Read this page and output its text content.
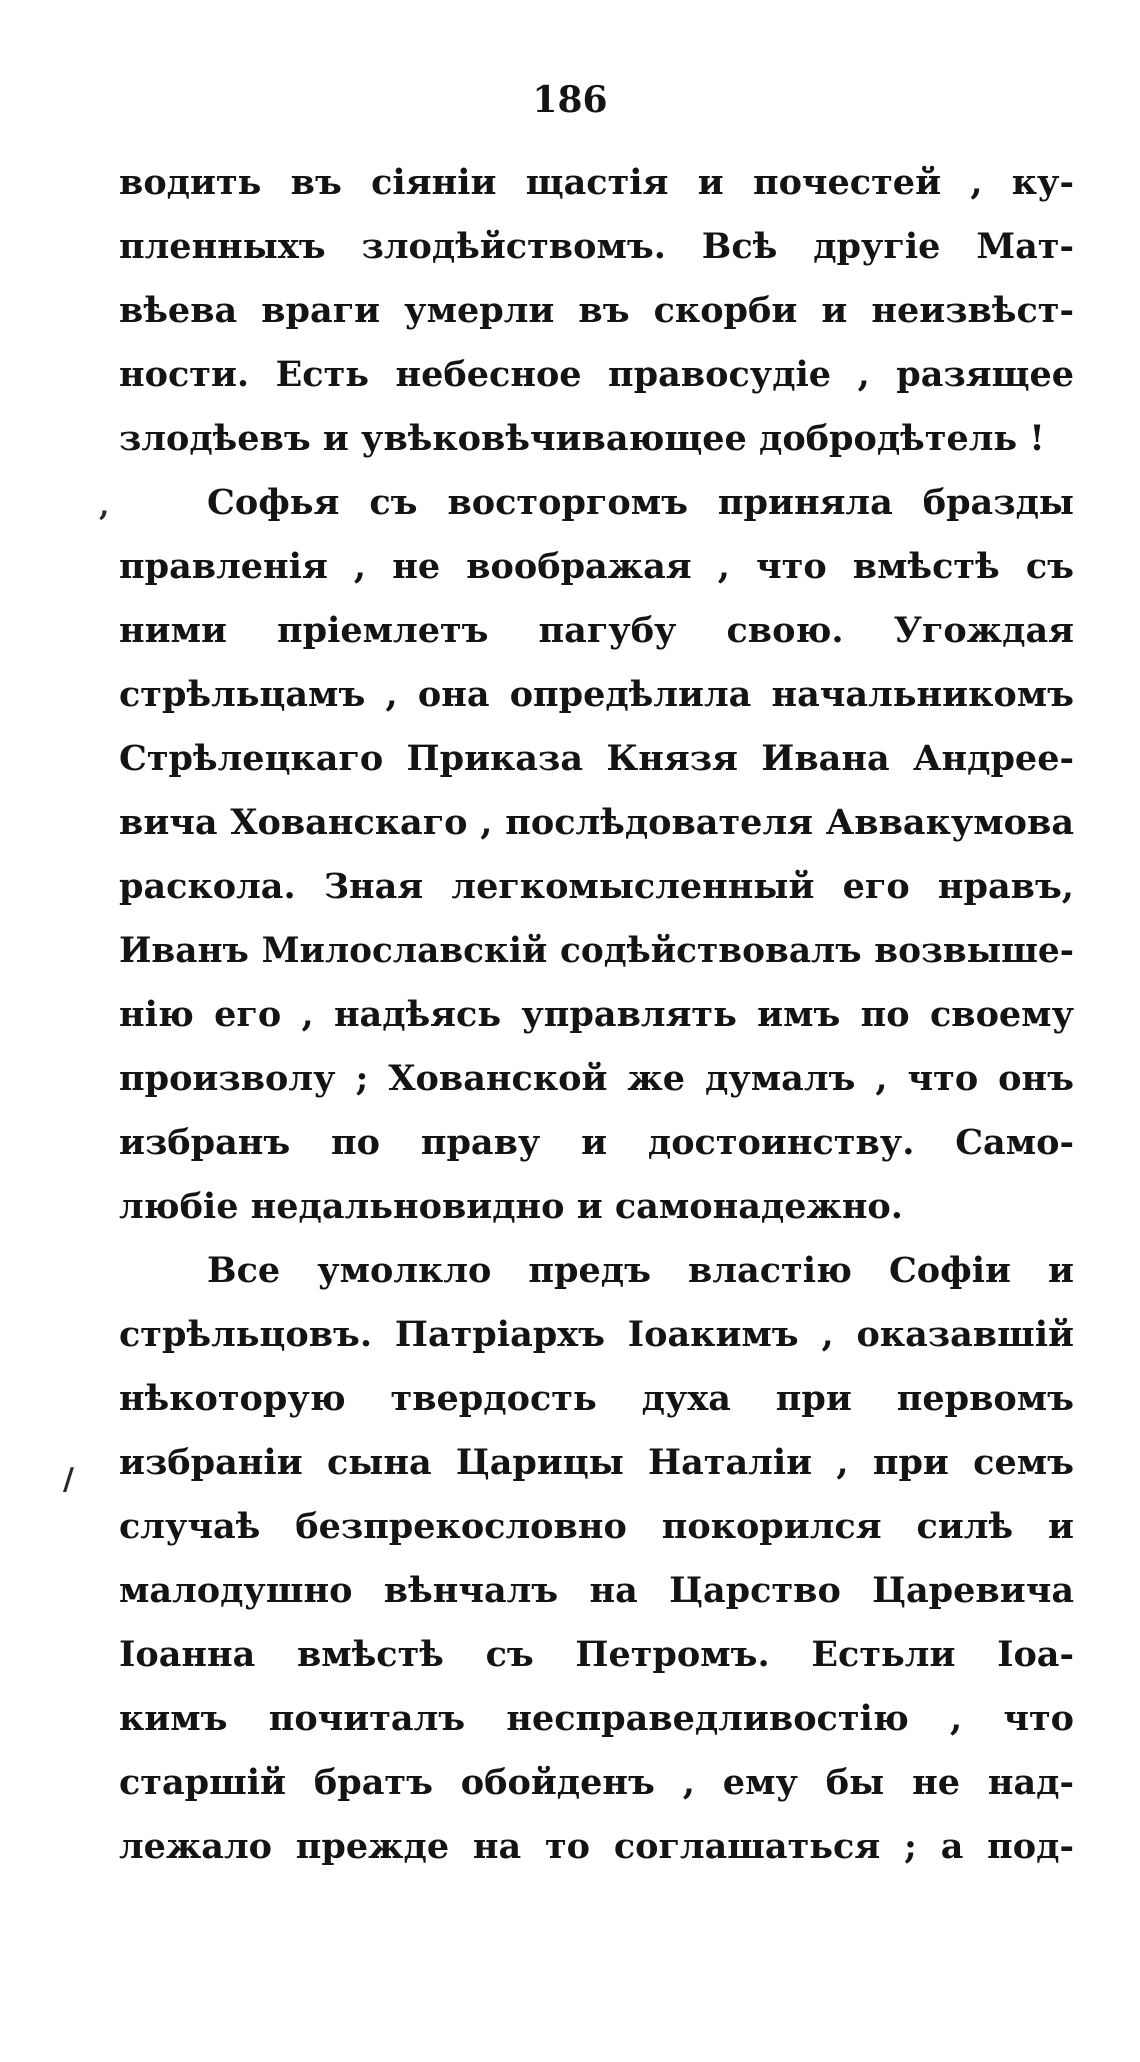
186
,
/
водить въ сіяніи щастія и почестей , ку-
пленныхъ злодѣйствомъ. Всѣ другіе Мат-
вѣева враги умерли въ скорби и неизвѣст-
ности. Есть небесное правосудіе , разящее
злодѣевъ и увѣковѣчивающее добродѣтель !
Софья съ восторгомъ приняла бразды
правленія , не воображая , что вмѣстѣ съ
ними пріемлетъ пагубу свою. Угождая
стрѣльцамъ , она опредѣлила начальникомъ
Стрѣлецкаго Приказа Князя Ивана Андрее-
вича Хованскаго , послѣдователя Аввакумова
раскола. Зная легкомысленный его нравъ,
Иванъ Милославскій содѣйствовалъ возвыше-
нію его , надѣясь управлять имъ по своему
произволу ; Хованской же думалъ , что онъ
избранъ по праву и достоинству. Само-
любіе недальновидно и самонадежно.
Все умолкло предъ властію Софіи и
стрѣльцовъ. Патріархъ Іоакимъ , оказавшій
нѣкоторую твердость духа при первомъ
избраніи сына Царицы Наталіи , при семъ
случаѣ безпрекословно покорился силѣ и
малодушно вѣнчалъ на Царство Царевича
Іоанна вмѣстѣ съ Петромъ. Естьли Іоа-
кимъ почиталъ несправедливостію , что
старшій братъ обойденъ , ему бы не над-
лежало прежде на то соглашаться ; а под-
